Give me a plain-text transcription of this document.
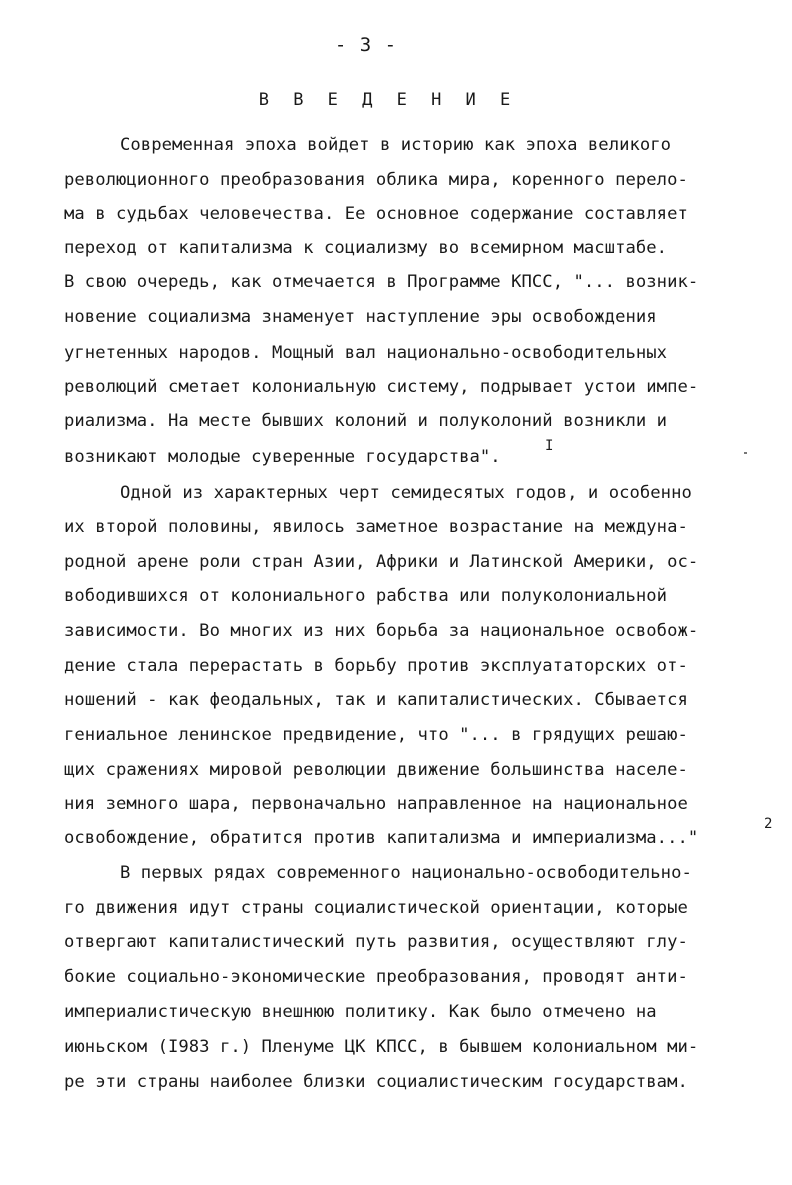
- 3 -
В В Е Д Е Н И Е
Современная эпоха войдет в историю как эпоха великого
революционного преобразования облика мира, коренного перело-
ма в судьбах человечества. Ее основное содержание составляет
переход от капитализма к социализму во всемирном масштабе.
В свою очередь, как отмечается в Программе КПСС, "... возник-
новение социализма знаменует наступление эры освобождения
угнетенных народов. Мощный вал национально-освободительных
революций сметает колониальную систему, подрывает устои импе-
риализма. На месте бывших колоний и полуколоний возникли и
возникают молодые суверенные государства".
I
Одной из характерных черт семидесятых годов, и особенно
их второй половины, явилось заметное возрастание на междуна-
родной арене роли стран Азии, Африки и Латинской Америки, ос-
вободившихся от колониального рабства или полуколониальной
зависимости. Во многих из них борьба за национальное освобож-
дение стала перерастать в борьбу против эксплуататорских от-
ношений - как феодальных, так и капиталистических. Сбывается
гениальное ленинское предвидение, что "... в грядущих решаю-
щих сражениях мировой революции движение большинства населе-
ния земного шара, первоначально направленное на национальное
освобождение, обратится против капитализма и империализма..."
2
В первых рядах современного национально-освободительно-
го движения идут страны социалистической ориентации, которые
отвергают капиталистический путь развития, осуществляют глу-
бокие социально-экономические преобразования, проводят анти-
империалистическую внешнюю политику. Как было отмечено на
июньском (I983 г.) Пленуме ЦК КПСС, в бывшем колониальном ми-
ре эти страны наиболее близки социалистическим государствам.
